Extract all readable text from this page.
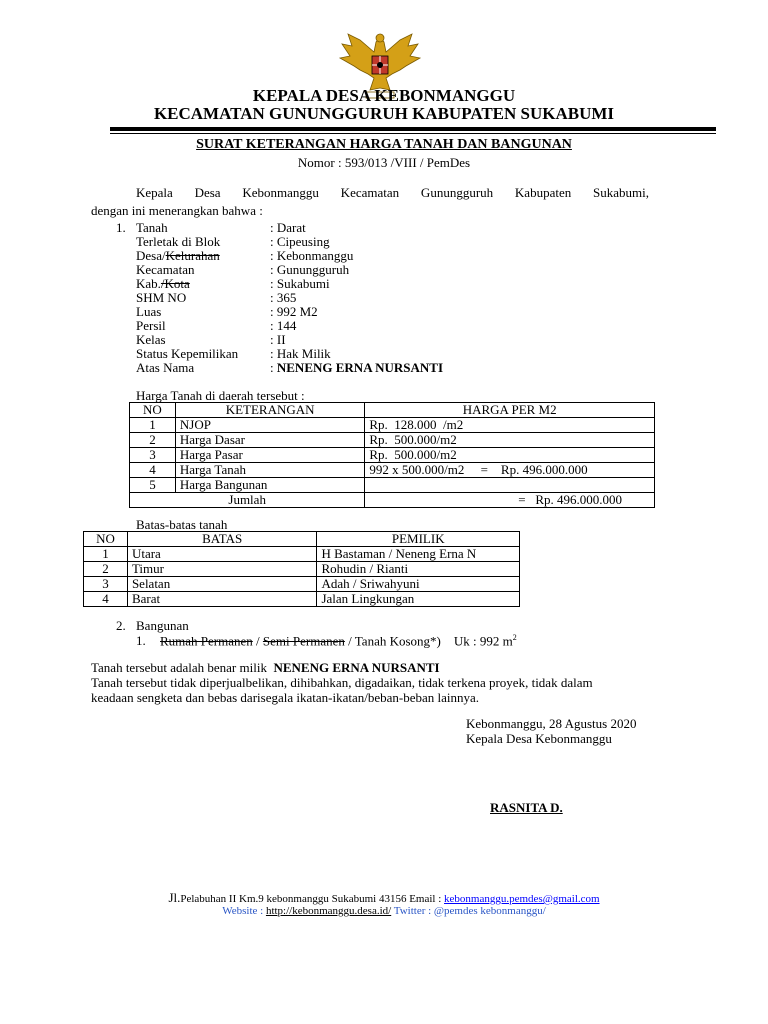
KEPALA DESA KEBONMANGGU
KECAMATAN GUNUNGGURUH KABUPATEN SUKABUMI
SURAT KETERANGAN HARGA TANAH DAN BANGUNAN
Nomor : 593/013 /VIII / PemDes
Kepala Desa Kebonmanggu Kecamatan Gunungguruh Kabupaten Sukabumi,
dengan ini menerangkan bahwa :
1. Tanah	: Darat
Terletak di Blok	: Cipeusing
Desa/Kelurahan	: Kebonmanggu
Kecamatan	: Gunungguruh
Kab./Kota	: Sukabumi
SHM NO	: 365
Luas	: 992 M2
Persil	: 144
Kelas	: II
Status Kepemilikan : Hak Milik
Atas Nama	: NENENG ERNA NURSANTI
Harga Tanah di daerah tersebut :
NO	KETERANGAN	HARGA PER M2
1	NJOP	Rp.  128.000  /m2
2	Harga Dasar	Rp.  500.000/m2
3	Harga Pasar	Rp.  500.000/m2
4	Harga Tanah	992 x 500.000/m2     =    Rp. 496.000.000
5	Harga Bangunan	
Jumlah		=   Rp. 496.000.000
Batas-batas tanah
NO	BATAS	PEMILIK
1	Utara	H Bastaman / Neneng Erna N
2	Timur	Rohudin / Rianti
3	Selatan	Adah / Sriwahyuni
4	Barat	Jalan Lingkungan
2. Bangunan
1. Rumah Permanen / Semi Permanen / Tanah Kosong*)    Uk : 992 $m^2$
Tanah tersebut adalah benar milik  NENENG ERNA NURSANTI
Tanah tersebut tidak diperjualbelikan, dihibahkan, digadaikan, tidak terkena proyek, tidak dalam
keadaan sengketa dan bebas darisegala ikatan-ikatan/beban-beban lainnya.
Kebonmanggu, 28 Agustus 2020
Kepala Desa Kebonmanggu
RASNITA D.
Jl.Pelabuhan II Km.9 kebonmanggu Sukabumi 43156 Email : kebonmanggu.pemdes@gmail.com
Website : http://kebonmanggu.desa.id/ Twitter : @pemdes kebonmanggu/
